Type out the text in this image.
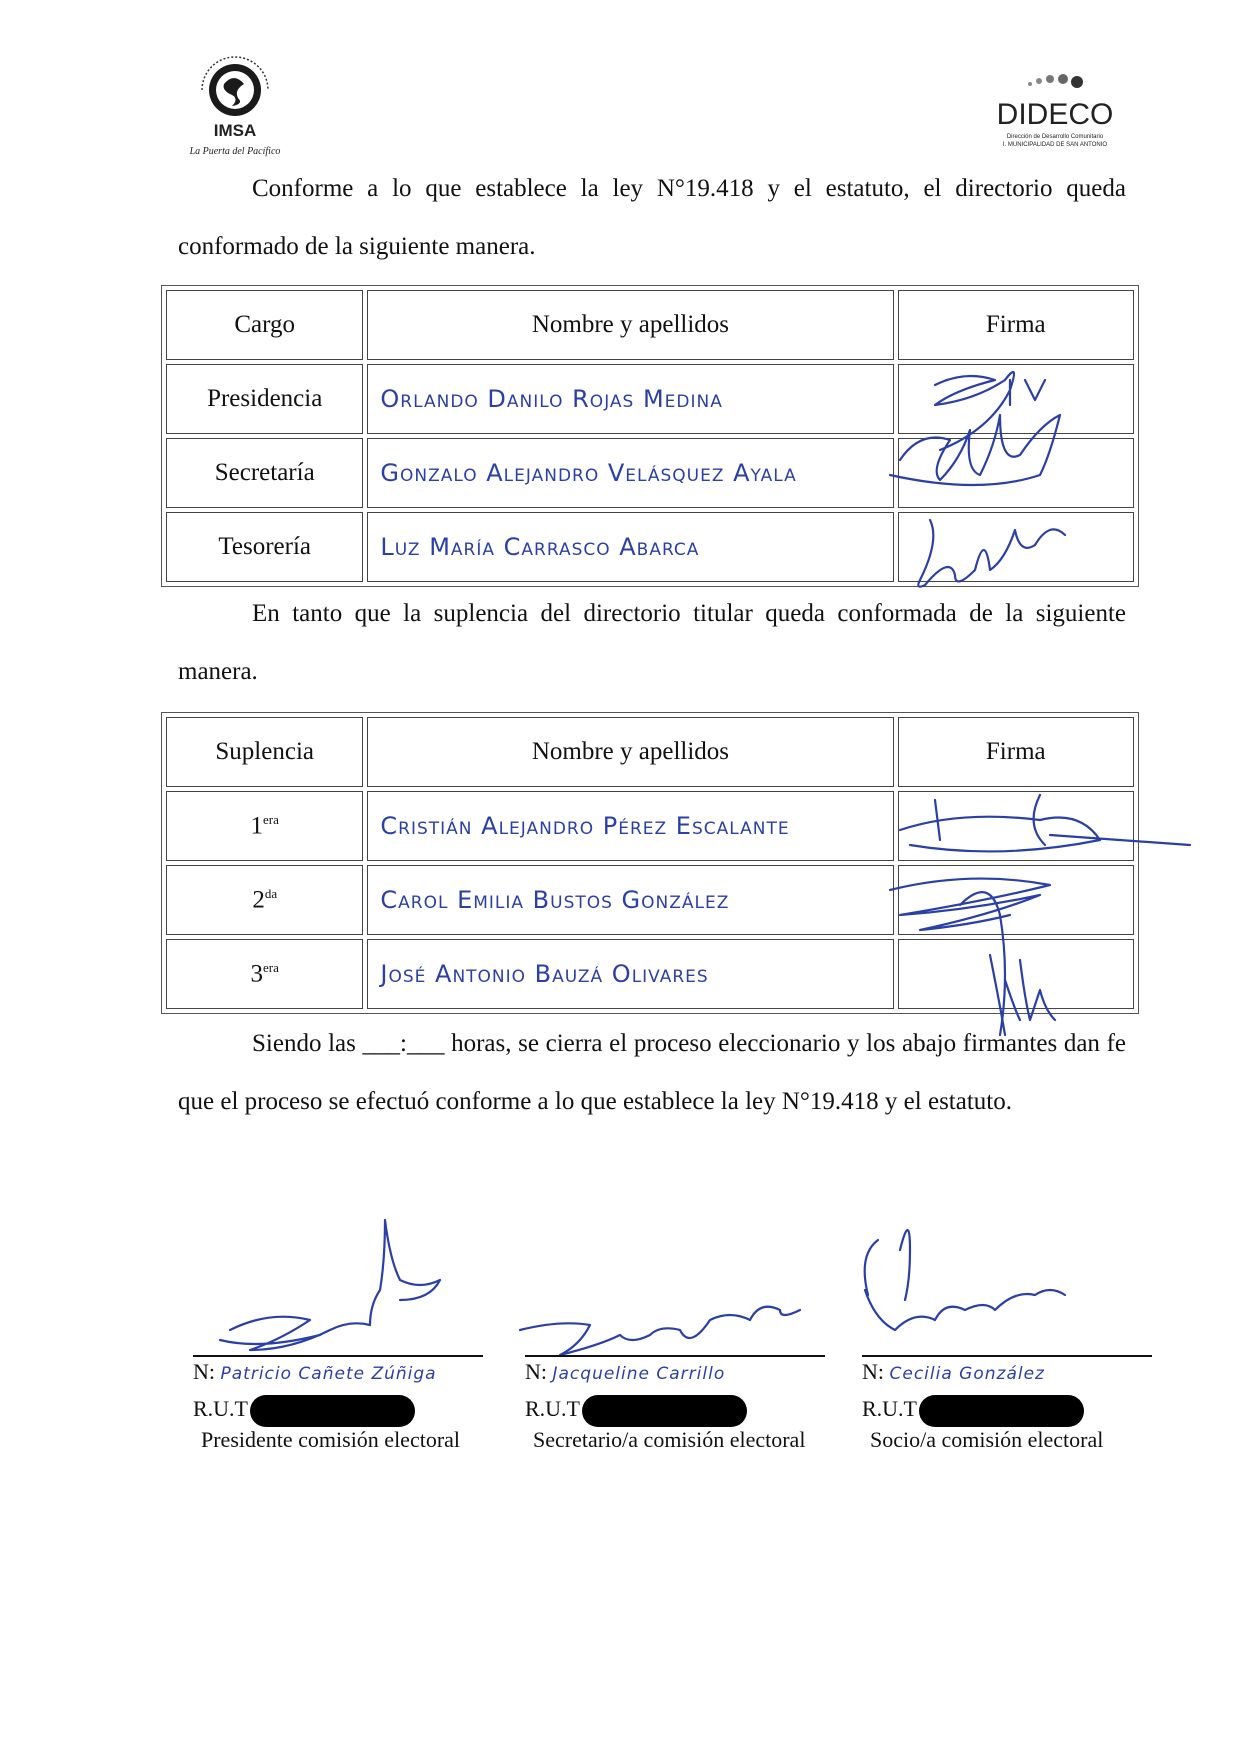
IMSA
La Puerta del Pacífico
DIDECO
Dirección de Desarrollo Comunitario
I. MUNICIPALIDAD DE SAN ANTONIO
Conforme a lo que establece la ley N°19.418 y el estatuto, el directorio queda conformado de la siguiente manera.
Cargo	Nombre y apellidos	Firma
Presidencia	Orlando Danilo Rojas Medina	
Secretaría	Gonzalo Alejandro Velásquez Ayala	
Tesorería	Luz María Carrasco Abarca	
En tanto que la suplencia del directorio titular queda conformada de la siguiente manera.
Suplencia	Nombre y apellidos	Firma
$1^{era}$	Cristián Alejandro Pérez Escalante	
$2^{da}$	Carol Emilia Bustos González	
$3^{era}$	José Antonio Bauzá Olivares	
Siendo las ___:___ horas, se cierra el proceso eleccionario y los abajo firmantes dan fe que el proceso se efectuó conforme a lo que establece la ley N°19.418 y el estatuto.
N: Patricio Cañete Zúñiga
R.U.T
Presidente comisión electoral
N: Jacqueline Carrillo
R.U.T
Secretario/a comisión electoral
N: Cecilia González
R.U.T
Socio/a comisión electoral
